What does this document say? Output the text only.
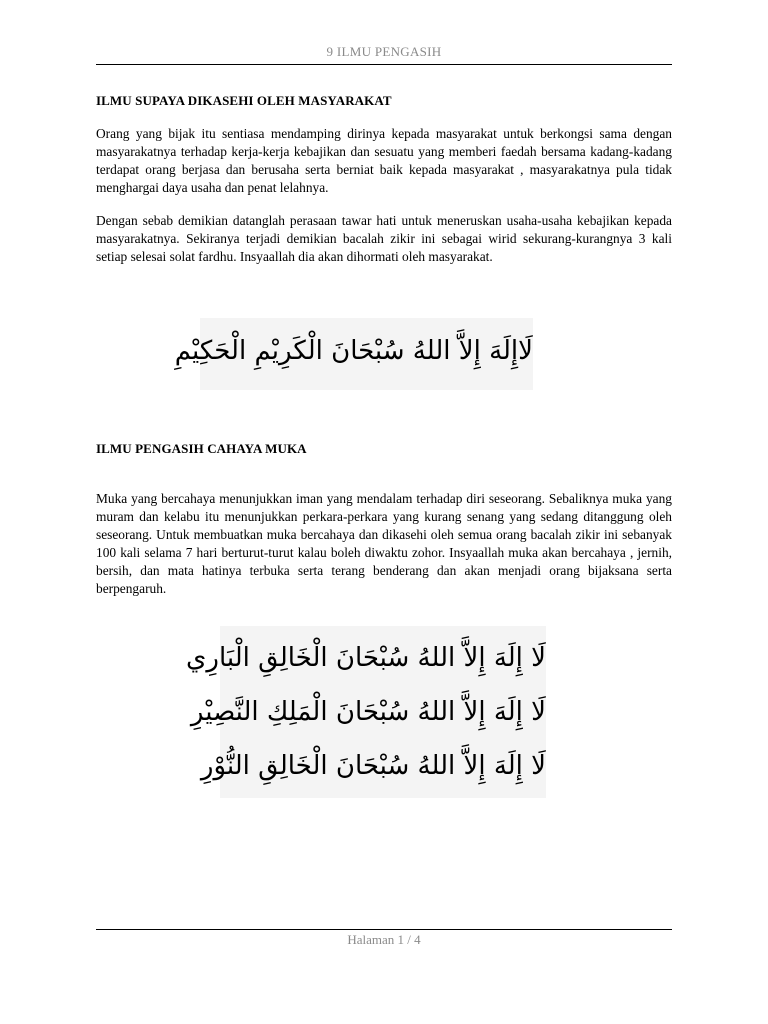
9 ILMU PENGASIH
ILMU SUPAYA DIKASEHI OLEH MASYARAKAT

Orang yang bijak itu sentiasa mendamping dirinya kepada masyarakat untuk berkongsi sama dengan masyarakatnya terhadap kerja-kerja kebajikan dan sesuatu yang memberi faedah bersama kadang-kadang terdapat orang berjasa dan berusaha serta berniat baik kepada masyarakat , masyarakatnya pula tidak menghargai daya usaha dan penat lelahnya.

Dengan sebab demikian datanglah perasaan tawar hati untuk meneruskan usaha-usaha kebajikan kepada masyarakatnya. Sekiranya terjadi demikian bacalah zikir ini sebagai wirid sekurang-kurangnya 3 kali setiap selesai solat fardhu. Insyaallah dia akan dihormati oleh masyarakat.

لَاإِلَهَ إِلاَّ اللهُ سُبْحَانَ الْكَرِيْمِ الْحَكِيْمِ
ILMU PENGASIH CAHAYA MUKA

Muka yang bercahaya menunjukkan iman yang mendalam terhadap diri seseorang. Sebaliknya muka yang muram dan kelabu itu menunjukkan perkara-perkara yang kurang senang yang sedang ditanggung oleh seseorang. Untuk membuatkan muka bercahaya dan dikasehi oleh semua orang bacalah zikir ini sebanyak 100 kali selama 7 hari berturut-turut kalau boleh diwaktu zohor. Insyaallah muka akan bercahaya , jernih, bersih, dan mata hatinya terbuka serta terang benderang dan akan menjadi orang bijaksana serta berpengaruh.

لَا إِلَهَ إِلاَّ اللهُ سُبْحَانَ الْخَالِقِ الْبَارِي
لَا إِلَهَ إِلاَّ اللهُ سُبْحَانَ الْمَلِكِ النَّصِيْرِ
لَا إِلَهَ إِلاَّ اللهُ سُبْحَانَ الْخَالِقِ النُّوْرِ
Halaman 1 / 4
